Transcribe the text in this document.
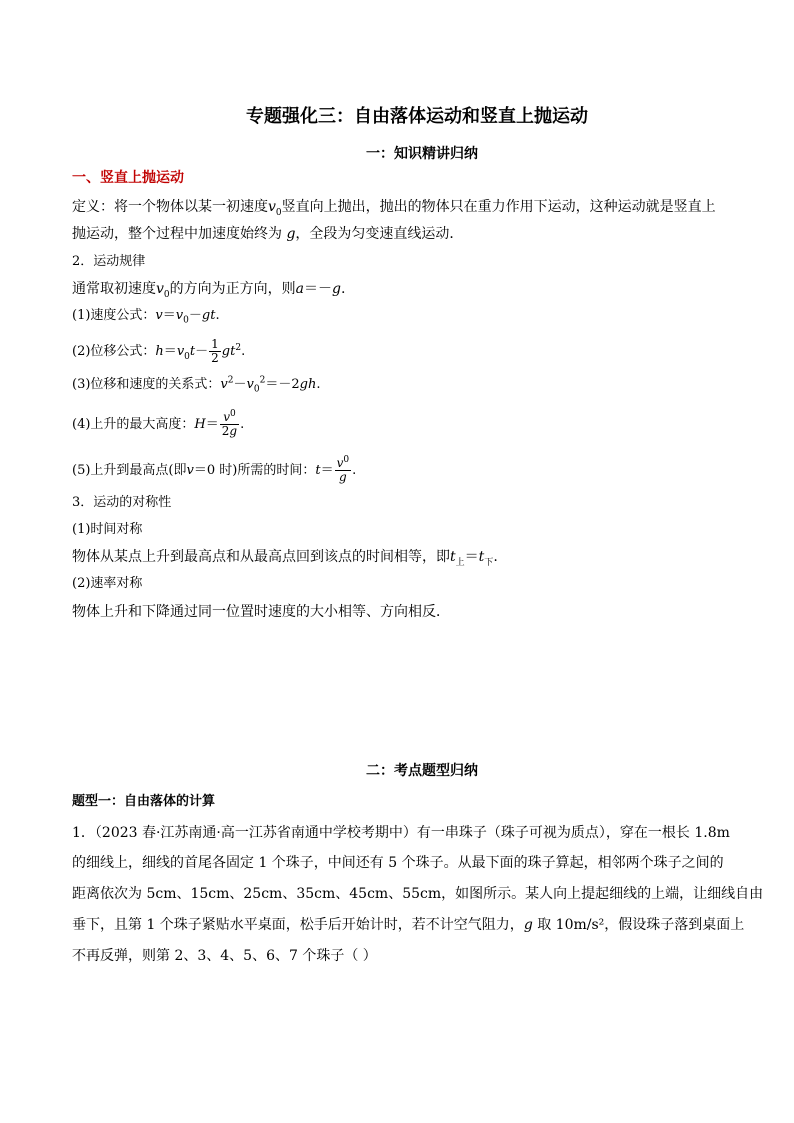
专题强化三：自由落体运动和竖直上抛运动
一：知识精讲归纳
一、竖直上抛运动
定义：将一个物体以某一初速度$v_0$竖直向上抛出，抛出的物体只在重力作用下运动，这种运动就是竖直上
抛运动，整个过程中加速度始终为 g，全段为匀变速直线运动．
2．运动规律
通常取初速度$v_0$的方向为正方向，则a＝－g.
(1)速度公式：$v=v_0-gt$.
(2)位移公式：$h=v_0t- \frac{1}{2} gt^2$.
(3)位移和速度的关系式：$v^2-v_0^2=-2gh$.
(4)上升的最大高度：$H= \frac{v^0}{2g}$ .
(5)上升到最高点(即v＝0 时)所需的时间：$t= \frac{v^0}{g}$ .
3．运动的对称性
(1)时间对称
物体从某点上升到最高点和从最高点回到该点的时间相等，即$t_上=t_下$.
(2)速率对称
物体上升和下降通过同一位置时速度的大小相等、方向相反．
二：考点题型归纳
题型一：自由落体的计算
1．（2023 春·江苏南通·高一江苏省南通中学校考期中）有一串珠子（珠子可视为质点），穿在一根长 1.8m
的细线上，细线的首尾各固定 1 个珠子，中间还有 5 个珠子。从最下面的珠子算起，相邻两个珠子之间的
距离依次为 5cm、15cm、25cm、35cm、45cm、55cm，如图所示。某人向上提起细线的上端，让细线自由
垂下，且第 1 个珠子紧贴水平桌面，松手后开始计时，若不计空气阻力，g 取 10m/s²，假设珠子落到桌面上
不再反弹，则第 2、3、4、5、6、7 个珠子（ ）
